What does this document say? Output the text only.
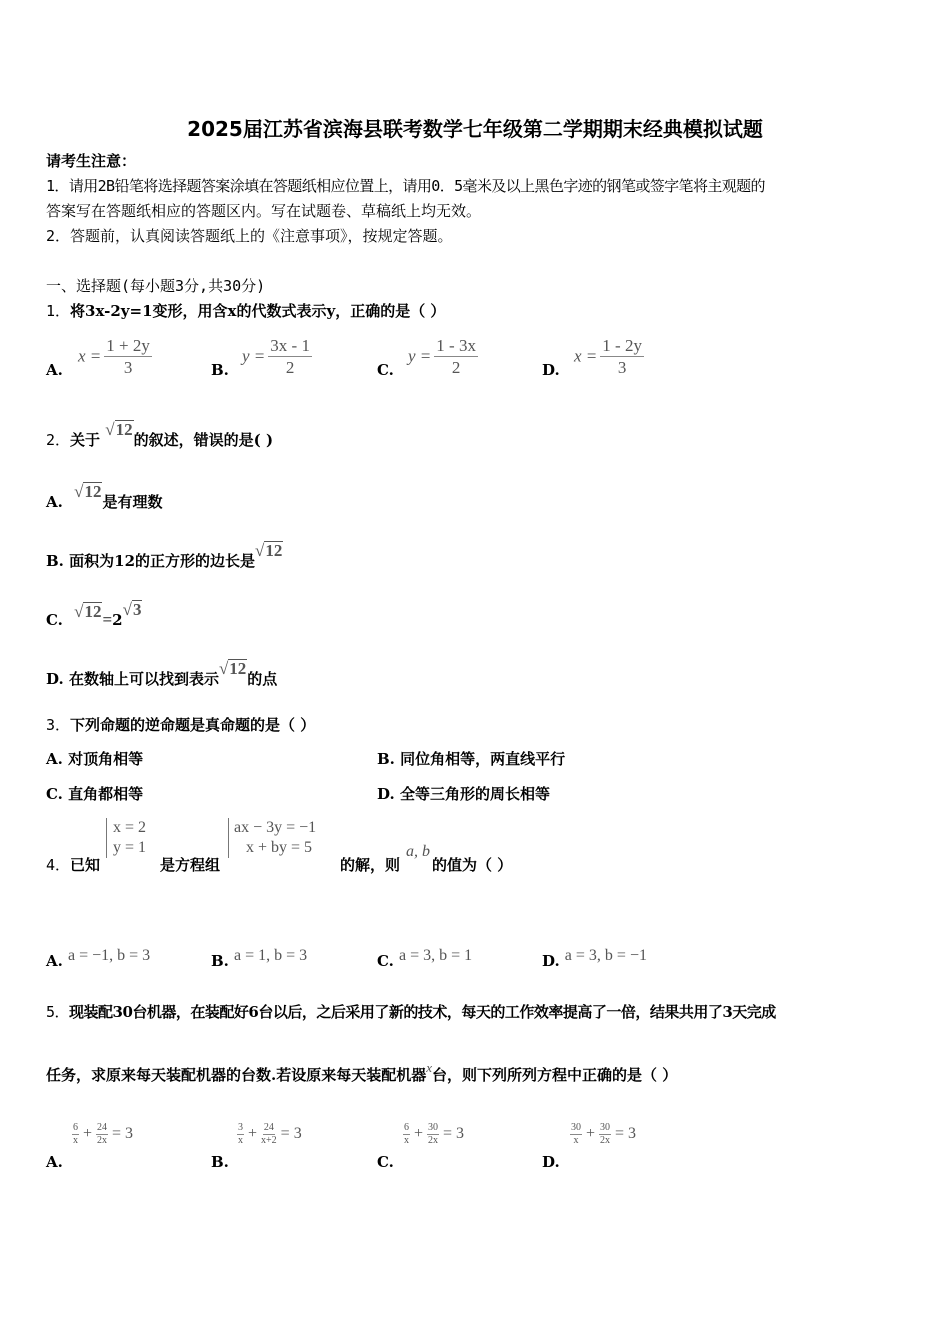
2025届江苏省滨海县联考数学七年级第二学期期末经典模拟试题
请考生注意：
1．请用2B铅笔将选择题答案涂填在答题纸相应位置上，请用0．5毫米及以上黑色字迹的钢笔或签字笔将主观题的
答案写在答题纸相应的答题区内。写在试题卷、草稿纸上均无效。
2．答题前，认真阅读答题纸上的《注意事项》，按规定答题。
一、选择题(每小题3分,共30分)
1．将3x-2y=1变形，用含x的代数式表示y，正确的是（ ）
A.
$x = \frac{1 + 2y}{3}$	B.
$y = \frac{3x - 1}{2}$	C.
$y = \frac{1 - 3x}{2}$	D.
$x = \frac{1 - 2y}{3}$
2．关于 √12的叙述，错误的是( )
A. √12是有理数
B. 面积为12的正方形的边长是√12
C. √12=2√3
D. 在数轴上可以找到表示√12的点
3．下列命题的逆命题是真命题的是（ ）
A. 对顶角相等	B. 同位角相等，两直线平行
C. 直角都相等	D. 全等三角形的周长相等
4．已知
x = 2
y = 1
是方程组
ax − 3y = −1
x + by = 5
的解，则
a, b
的值为（ ）
A. a = −1, b = 3	B. a = 1, b = 3	C. a = 3, b = 1	D. a = 3, b = −1
5．现装配30台机器，在装配好6台以后，之后采用了新的技术，每天的工作效率提高了一倍，结果共用了3天完成
任务，求原来每天装配机器的台数.若设原来每天装配机器x台，则下列所列方程中正确的是（ ）
A.
$\frac{6}{x} + \frac{24}{2x} = 3$
B.
$\frac{3}{x} + \frac{24}{x+2} = 3$
C.
$\frac{6}{x} + \frac{30}{2x} = 3$
D.
$\frac{30}{x} + \frac{30}{2x} = 3$
